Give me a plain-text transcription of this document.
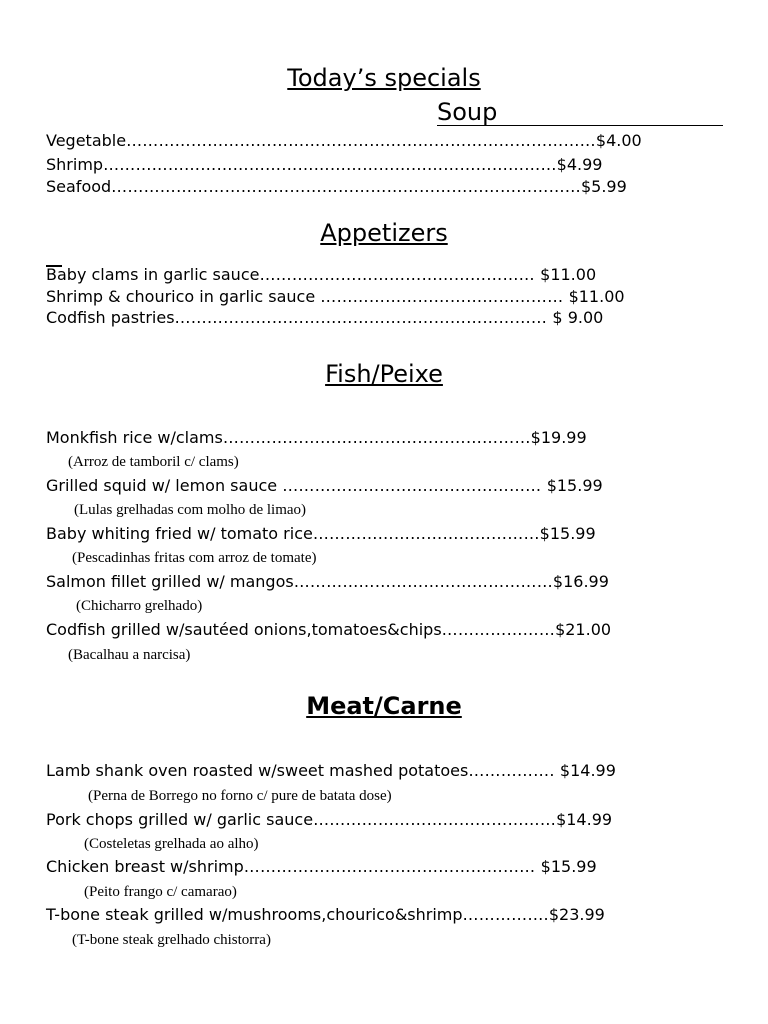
Today’s specials
Soup
Vegetable……………………………………………………………………………$4.00
Shrimp…………………………………………………………………………$4.99
Seafood……………………………………………………………………………$5.99
Appetizers
Baby clams in garlic sauce…………………………………………… $11.00
Shrimp & chourico in garlic sauce ……………………………………… $11.00
Codfish pastries…………………………………………………………… $ 9.00
Fish/Peixe
Monkfish rice w/clams…………………………………………………$19.99
(Arroz de tamboril c/ clams)
Grilled squid w/ lemon sauce ………………………………………… $15.99
(Lulas grelhadas com molho de limao)
Baby whiting fried w/ tomato rice……………………………………$15.99
(Pescadinhas fritas com arroz de tomate)
Salmon fillet grilled w/ mangos…………………………………………$16.99
(Chicharro grelhado)
Codfish grilled w/sautéed onions,tomatoes&chips…………………$21.00
(Bacalhau a narcisa)
Meat/Carne
Lamb shank oven roasted w/sweet mashed potatoes……………. $14.99
(Perna de Borrego no forno c/ pure de batata dose)
Pork chops grilled w/ garlic sauce………………………………………$14.99
(Costeletas grelhada ao alho)
Chicken breast w/shrimp……………………………………………… $15.99
(Peito frango c/ camarao)
T-bone steak grilled w/mushrooms,chourico&shrimp…………….$23.99
(T-bone steak grelhado chistorra)
